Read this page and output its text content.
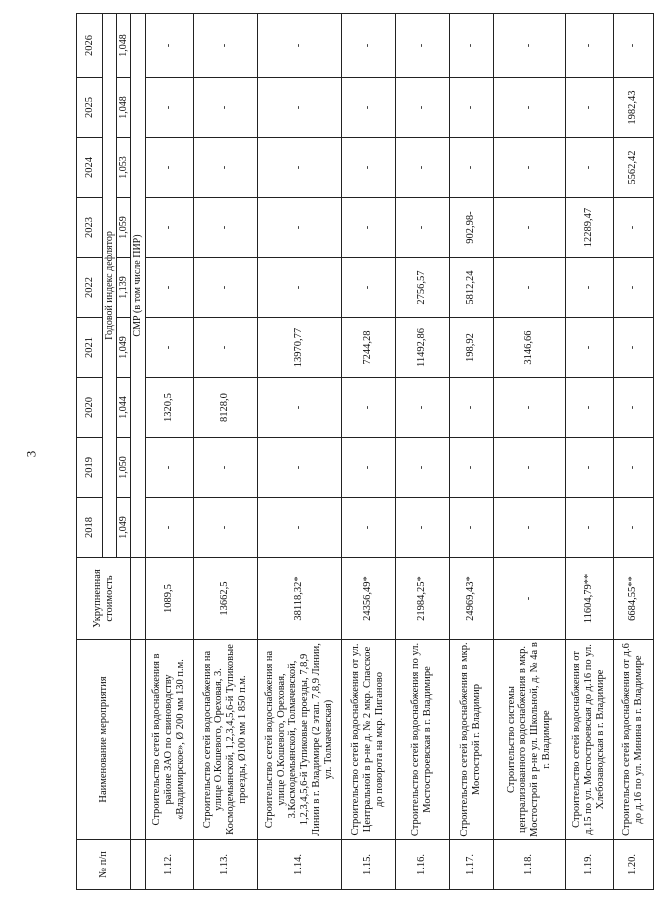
3
№ п/п	Наименование мероприятия	Укрупненная стоимость	2018	2019	2020	2021	2022	2023	2024	2025	2026
			Годовой индекс дефлятор								
			1,049	1,050	1,044	1,049	1,139	1,059	1,053	1,048	1,048
			СМР (в том числе ПИР)								
1.12.	Строительство сетей водоснабжения в районе ЗАО по свиноводству «Владимирское», Ø 200 мм 130 п.м.	1089,5	-	-	1320,5	-	-	-	-	-	-
1.13.	Строительство сетей водоснабжения на улице О.Кошевого, Ореховая, 3. Космодемьянской, 1,2,3,4,5,6-й Тупиковые проезды, Ø100 мм 1 850 п.м.	13662,5	-	-	8128,0	-	-	-	-	-	-
1.14.	Строительство сетей водоснабжения на улице О.Кошевого, Ореховая, 3.Космодемьянской, Толмачевской, 1,2,3,4,5,6-й Тупиковые проезды, 7,8,9 Линии в г. Владимире (2 этап. 7,8,9 Линии, ул. Толмачевская)	38118,32*	-	-	-	13970,77	-	-	-	-	-
1.15.	Строительство сетей водоснабжения от ул. Центральной в р-не д. № 2 мкр. Спасское до поворота на мкр. Пиганово	24356,49*	-	-	-	7244,28	-	-	-	-	-
1.16.	Строительство сетей водоснабжения по ул. Мостостроевская в г. Владимире	21984,25*	-	-	-	11492,86	2756,57	-	-	-	-
1.17.	Строительство сетей водоснабжения в мкр. Мостострой г. Владимир	24969,43*	-	-	-	198,92	5812,24	902,98-	-	-	-
1.18.	Строительство системы централизованного водоснабжения в мкр. Мостострой в р-не ул. Школьной, д. № 4а в г. Владимире	-	-	-	-	3146,66	-	-	-	-	-
1.19.	Строительство сетей водоснабжения от д.15 по ул. Мостостроевская до д.16 по ул. Хлебозаводская в г. Владимире	11604,79**	-	-	-	-	-	12289,47	-	-	-
1.20.	Строительство сетей водоснабжения от д.6 до д.16 по ул. Минина в г. Владимире	6684,55**	-	-	-	-	-	-	5562,42	1982,43	-
